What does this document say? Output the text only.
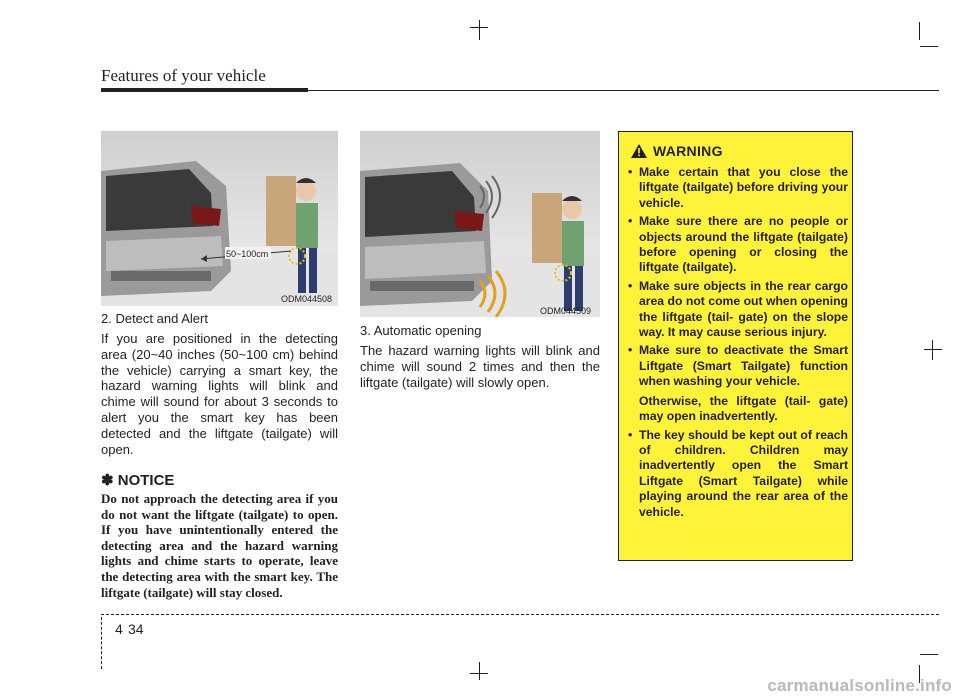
Features of your vehicle
50~100cm
ODM044508
ODM044509
2. Detect and Alert
If you are positioned in the detecting area (20~40 inches (50~100 cm) behind the vehicle) carrying a smart key, the hazard warning lights will blink and chime will sound for about 3 seconds to alert you the smart key has been detected and the liftgate (tailgate) will open.
✽ NOTICE
Do not approach the detecting area if you do not want the liftgate (tailgate) to open. If you have unintentionally entered the detecting area and the hazard warning lights and chime starts to operate, leave the detecting area with the smart key. The liftgate (tailgate) will stay closed.
3. Automatic opening
The hazard warning lights will blink and chime will sound 2 times and then the liftgate (tailgate) will slowly open.
WARNING
• Make certain that you close the liftgate (tailgate) before driving your vehicle.
• Make sure there are no people or objects around the liftgate (tailgate) before opening or closing the liftgate (tailgate).
• Make sure objects in the rear cargo area do not come out when opening the liftgate (tail- gate) on the slope way. It may cause serious injury.
• Make sure to deactivate the Smart Liftgate (Smart Tailgate) function when washing your vehicle.
Otherwise, the liftgate (tail- gate) may open inadvertently.
• The key should be kept out of reach of children. Children may inadvertently open the Smart Liftgate (Smart Tailgate) while playing around the rear area of the vehicle.
4 34
carmanualsonline.info
